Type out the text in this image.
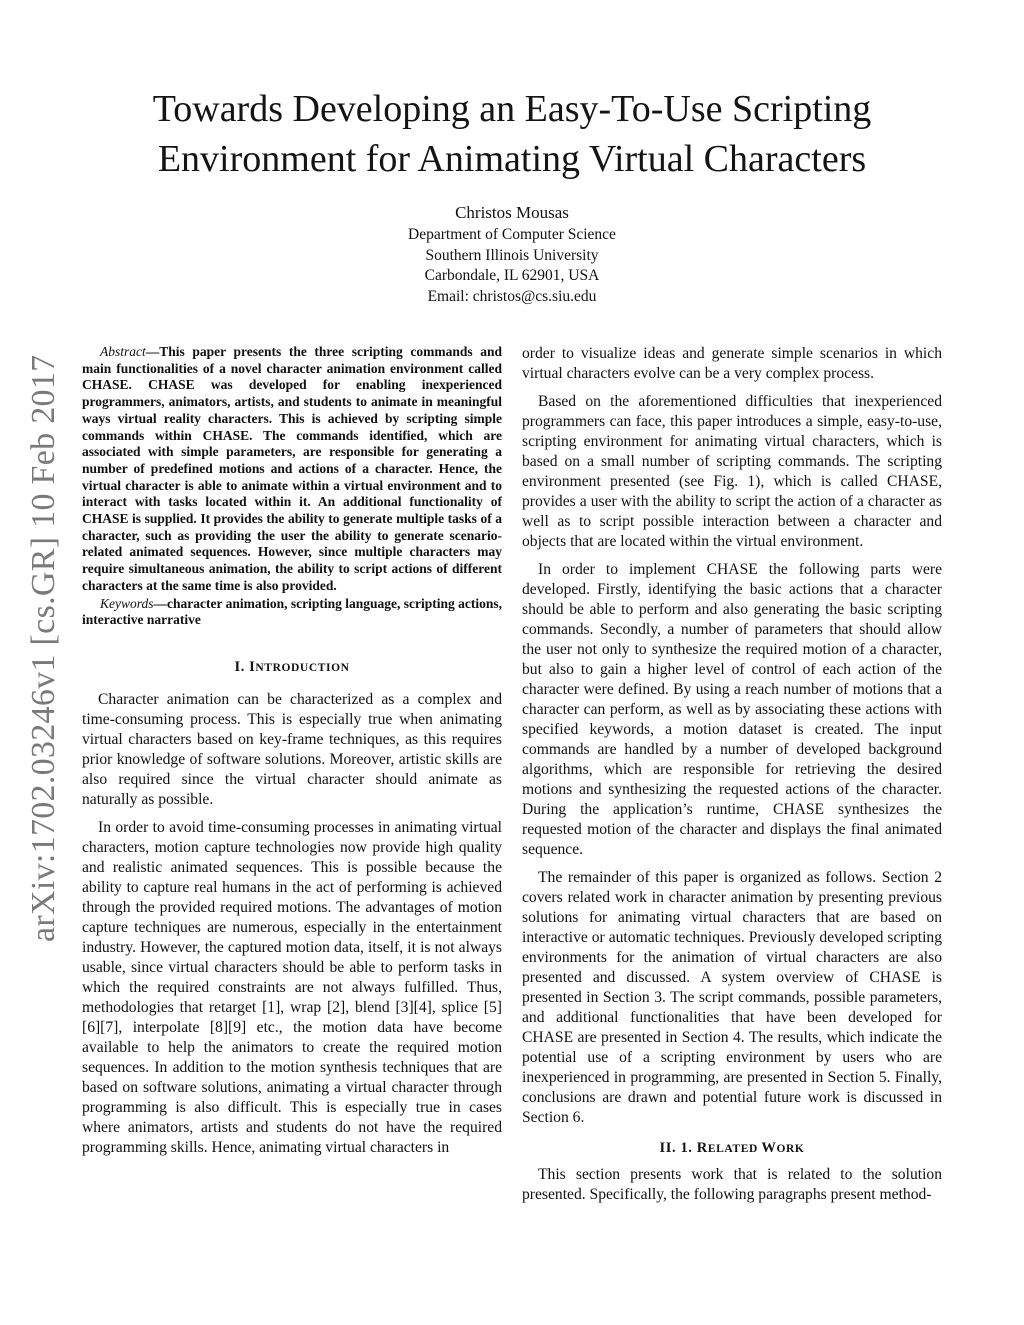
Towards Developing an Easy-To-Use Scripting
Environment for Animating Virtual Characters
Christos Mousas
Department of Computer Science
Southern Illinois University
Carbondale, IL 62901, USA
Email: christos@cs.siu.edu
arXiv:1702.03246v1 [cs.GR] 10 Feb 2017

Abstract—This paper presents the three scripting commands and main functionalities of a novel character animation environment called CHASE. CHASE was developed for enabling inexperienced programmers, animators, artists, and students to animate in meaningful ways virtual reality characters. This is achieved by scripting simple commands within CHASE. The commands identified, which are associated with simple parameters, are responsible for generating a number of predefined motions and actions of a character. Hence, the virtual character is able to animate within a virtual environment and to interact with tasks located within it. An additional functionality of CHASE is supplied. It provides the ability to generate multiple tasks of a character, such as providing the user the ability to generate scenario-related animated sequences. However, since multiple characters may require simultaneous animation, the ability to script actions of different characters at the same time is also provided.

Keywords—character animation, scripting language, scripting actions, interactive narrative

I. INTRODUCTION

Character animation can be characterized as a complex and time-consuming process. This is especially true when animating virtual characters based on key-frame techniques, as this requires prior knowledge of software solutions. Moreover, artistic skills are also required since the virtual character should animate as naturally as possible.

In order to avoid time-consuming processes in animating virtual characters, motion capture technologies now provide high quality and realistic animated sequences. This is possible because the ability to capture real humans in the act of performing is achieved through the provided required motions. The advantages of motion capture techniques are numerous, especially in the entertainment industry. However, the captured motion data, itself, it is not always usable, since virtual characters should be able to perform tasks in which the required constraints are not always fulfilled. Thus, methodologies that retarget [1], wrap [2], blend [3][4], splice [5][6][7], interpolate [8][9] etc., the motion data have become available to help the animators to create the required motion sequences. In addition to the motion synthesis techniques that are based on software solutions, animating a virtual character through programming is also difficult. This is especially true in cases where animators, artists and students do not have the required programming skills. Hence, animating virtual characters in

order to visualize ideas and generate simple scenarios in which virtual characters evolve can be a very complex process.

Based on the aforementioned difficulties that inexperienced programmers can face, this paper introduces a simple, easy-to-use, scripting environment for animating virtual characters, which is based on a small number of scripting commands. The scripting environment presented (see Fig. 1), which is called CHASE, provides a user with the ability to script the action of a character as well as to script possible interaction between a character and objects that are located within the virtual environment.

In order to implement CHASE the following parts were developed. Firstly, identifying the basic actions that a character should be able to perform and also generating the basic scripting commands. Secondly, a number of parameters that should allow the user not only to synthesize the required motion of a character, but also to gain a higher level of control of each action of the character were defined. By using a reach number of motions that a character can perform, as well as by associating these actions with specified keywords, a motion dataset is created. The input commands are handled by a number of developed background algorithms, which are responsible for retrieving the desired motions and synthesizing the requested actions of the character. During the application’s runtime, CHASE synthesizes the requested motion of the character and displays the final animated sequence.

The remainder of this paper is organized as follows. Section 2 covers related work in character animation by presenting previous solutions for animating virtual characters that are based on interactive or automatic techniques. Previously developed scripting environments for the animation of virtual characters are also presented and discussed. A system overview of CHASE is presented in Section 3. The script commands, possible parameters, and additional functionalities that have been developed for CHASE are presented in Section 4. The results, which indicate the potential use of a scripting environment by users who are inexperienced in programming, are presented in Section 5. Finally, conclusions are drawn and potential future work is discussed in Section 6.

II. 1. RELATED WORK

This section presents work that is related to the solution presented. Specifically, the following paragraphs present method-
